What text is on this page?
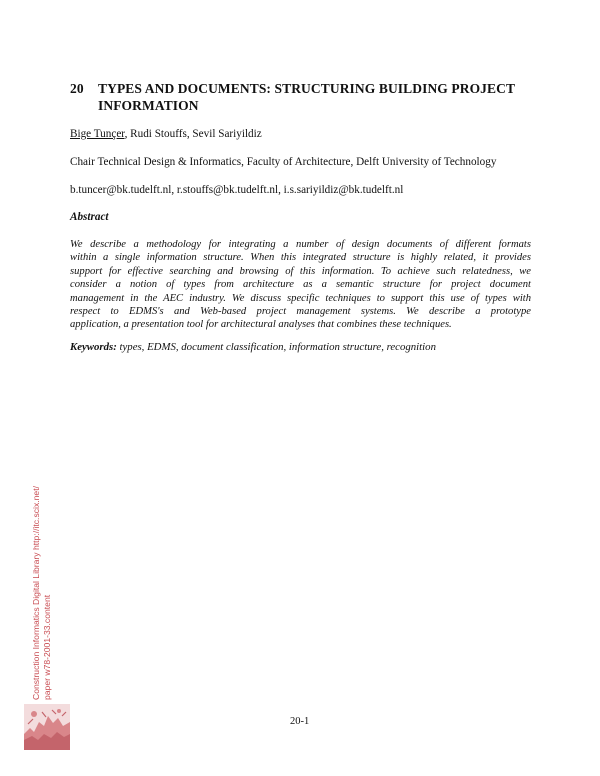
20 TYPES AND DOCUMENTS: STRUCTURING BUILDING PROJECT INFORMATION
Bige Tunçer, Rudi Stouffs, Sevil Sariyildiz
Chair Technical Design & Informatics, Faculty of Architecture, Delft University of Technology
b.tuncer@bk.tudelft.nl, r.stouffs@bk.tudelft.nl, i.s.sariyildiz@bk.tudelft.nl
Abstract
We describe a methodology for integrating a number of design documents of different formats
within a single information structure. When this integrated structure is highly related, it provides
support for effective searching and browsing of this information. To achieve such relatedness, we
consider a notion of types from architecture as a semantic structure for project document
management in the AEC industry. We discuss specific techniques to support this use of types with
respect to EDMS's and Web-based project management systems. We describe a prototype
application, a presentation tool for architectural analyses that combines these techniques.
Keywords: types, EDMS, document classification, information structure, recognition
Construction Informatics Digital Library http://itc.scix.net/ paper w78-2001-33.content
20-1
